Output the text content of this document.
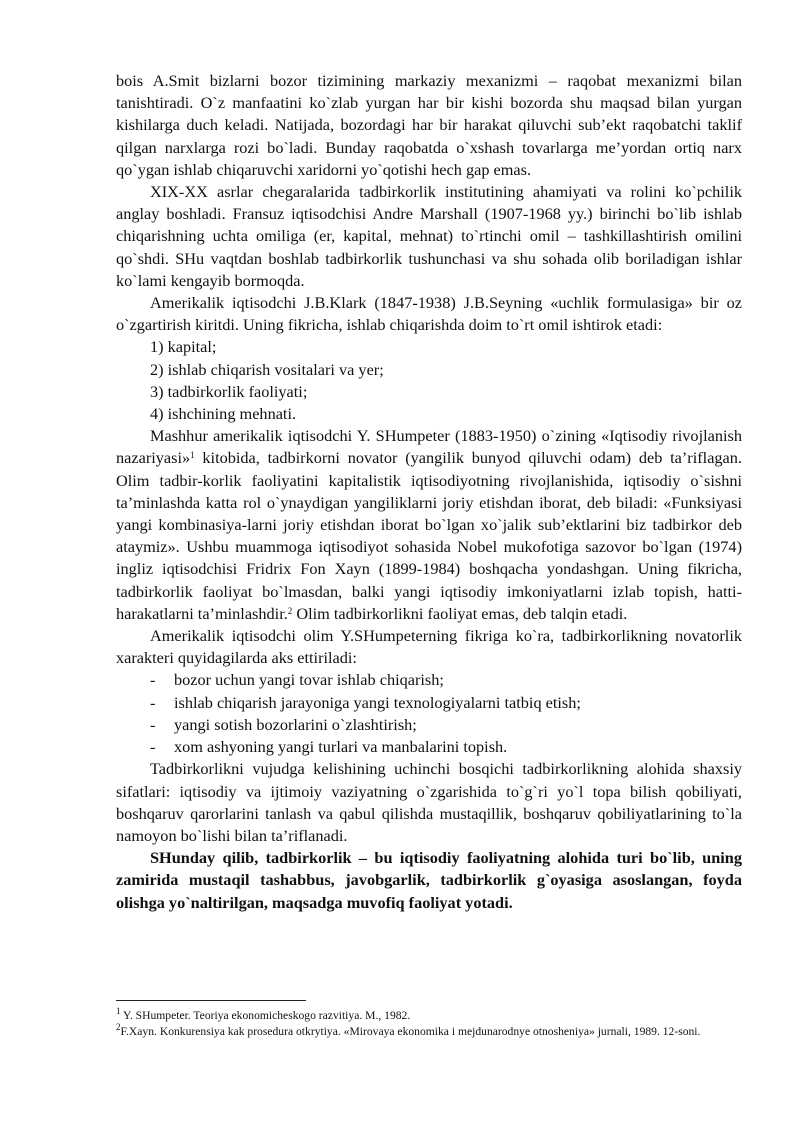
bois A.Smit bizlarni bozor tizimining markaziy mexanizmi – raqobat mexanizmi bilan tanishtiradi. O`z manfaatini ko`zlab yurgan har bir kishi bozorda shu maqsad bilan yurgan kishilarga duch keladi. Natijada, bozordagi har bir harakat qiluvchi sub’ekt raqobatchi taklif qilgan narxlarga rozi bo`ladi. Bunday raqobatda o`xshash tovarlarga me’yordan ortiq narx qo`ygan ishlab chiqaruvchi xaridorni yo`qotishi hech gap emas.

XIX-XX asrlar chegaralarida tadbirkorlik institutining ahamiyati va rolini ko`pchilik anglay boshladi. Fransuz iqtisodchisi Andre Marshall (1907-1968 yy.) birinchi bo`lib ishlab chiqarishning uchta omiliga (er, kapital, mehnat) to`rtinchi omil – tashkillashtirish omilini qo`shdi. SHu vaqtdan boshlab tadbirkorlik tushunchasi va shu sohada olib boriladigan ishlar ko`lami kengayib bormoqda.

Amerikalik iqtisodchi J.B.Klark (1847-1938) J.B.Seyning «uchlik formulasiga» bir oz o`zgartirish kiritdi. Uning fikricha, ishlab chiqarishda doim to`rt omil ishtirok etadi:

1) kapital;

2) ishlab chiqarish vositalari va yer;

3) tadbirkorlik faoliyati;

4) ishchining mehnati.

Mashhur amerikalik iqtisodchi Y. SHumpeter (1883-1950) o`zining «Iqtisodiy rivojlanish nazariyasi»$^1$ kitobida, tadbirkorni novator (yangilik bunyod qiluvchi odam) deb ta’riflagan. Olim tadbir-korlik faoliyatini kapitalistik iqtisodiyotning rivojlanishida, iqtisodiy o`sishni ta’minlashda katta rol o`ynaydigan yangiliklarni joriy etishdan iborat, deb biladi: «Funksiyasi yangi kombinasiya-larni joriy etishdan iborat bo`lgan xo`jalik sub’ektlarini biz tadbirkor deb ataymiz». Ushbu muammoga iqtisodiyot sohasida Nobel mukofotiga sazovor bo`lgan (1974) ingliz iqtisodchisi Fridrix Fon Xayn (1899-1984) boshqacha yondashgan. Uning fikricha, tadbirkorlik faoliyat bo`lmasdan, balki yangi iqtisodiy imkoniyatlarni izlab topish, hatti-harakatlarni ta’minlashdir.$^2$ Olim tadbirkorlikni faoliyat emas, deb talqin etadi.

Amerikalik iqtisodchi olim Y.SHumpeterning fikriga ko`ra, tadbirkorlikning novatorlik xarakteri quyidagilarda aks ettiriladi:

-	bozor uchun yangi tovar ishlab chiqarish;
-	ishlab chiqarish jarayoniga yangi texnologiyalarni tatbiq etish;
-	yangi sotish bozorlarini o`zlashtirish;
-	xom ashyoning yangi turlari va manbalarini topish.

Tadbirkorlikni vujudga kelishining uchinchi bosqichi tadbirkorlikning alohida shaxsiy sifatlari: iqtisodiy va ijtimoiy vaziyatning o`zgarishida to`g`ri yo`l topa bilish qobiliyati, boshqaruv qarorlarini tanlash va qabul qilishda mustaqillik, boshqaruv qobiliyatlarining to`la namoyon bo`lishi bilan ta’riflanadi.

SHunday qilib, tadbirkorlik – bu iqtisodiy faoliyatning alohida turi bo`lib, uning zamirida mustaqil tashabbus, javobgarlik, tadbirkorlik g`oyasiga asoslangan, foyda olishga yo`naltirilgan, maqsadga muvofiq faoliyat yotadi.

$^1$ Y. SHumpeter. Teoriya ekonomicheskogo razvitiya. M., 1982.

$^2$F.Xayn. Konkurensiya kak prosedura otkrytiya. «Mirovaya ekonomika i mejdunarodnye otnosheniya» jurnali, 1989. 12-soni.
